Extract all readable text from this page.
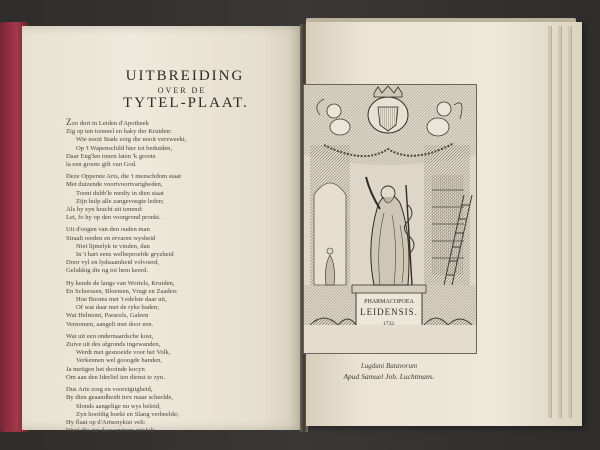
UITBREIDING
OVER DE
TYTEL-PLAAT.
Zoo dort in Leiden d'Apotheek
Zig op ten tooneel en baky der Kruiden:
Wie nooit Stads zorg die nooit verzweekt,
Op 't Wapenschild hier tot beduiden,
Daar Eng'len tonen laten 'k groote
la een groote gift van God.
Deze Opperste Arts, die 't menschdom staat
Met duizende voortvoortvarigheden,
Toont dubb'le mediy in dien staat
Zijn hulp alle zangevoegte leden;
Als hy zyn kracht uit tonend:
Let, fo hy op den voorgrond pronkt.
Uit d'oogen van den ouden man
Straalt reeden en ervaren wysheid
Niet lijmelyk te vinden, dan
In 't hart eens welbeproefde gryzheid
Door vyl en lydsaamheid volvoerd,
Gelukkig die ng tot hem keerd.
Hy kende de langs van Wortels, Kruiden,
En Schorssen, Bloemen, Vrugt en Zaaden:
Hoe Booms met 't edelste daar uit,
Of wat daar met de ryke baden;
Wat Helmont, Paracels, Galeen
Vernomen, aangelt met door een.
Wat uit een ondernaardsche kost,
Zuive uit des afgronds ingewanden,
Werdt met gesnoeide voor het Volk,
Verkennen wel gooogde handen,
Ja metigen het dooinde kocyn
Om aan den Iderliel ten dienst te zyn.
Dus Arte zorg en voorzigtigheid,
By dien geaandheidt trex maar scheelde,
Slonds aangelige nu wys beleid,
Zyn hoofdig hoekt en Slang verbeelde;
Hy flaat op d'Artsenykist velt:
Wee! die zig daar omtrem misfalt.
W. M. Med. Doct.
PHARMACOPOEA
LEIDENSIS.
1732.
Lugduni Batavorum
Apud Samuel Joh. Luchtmans.
